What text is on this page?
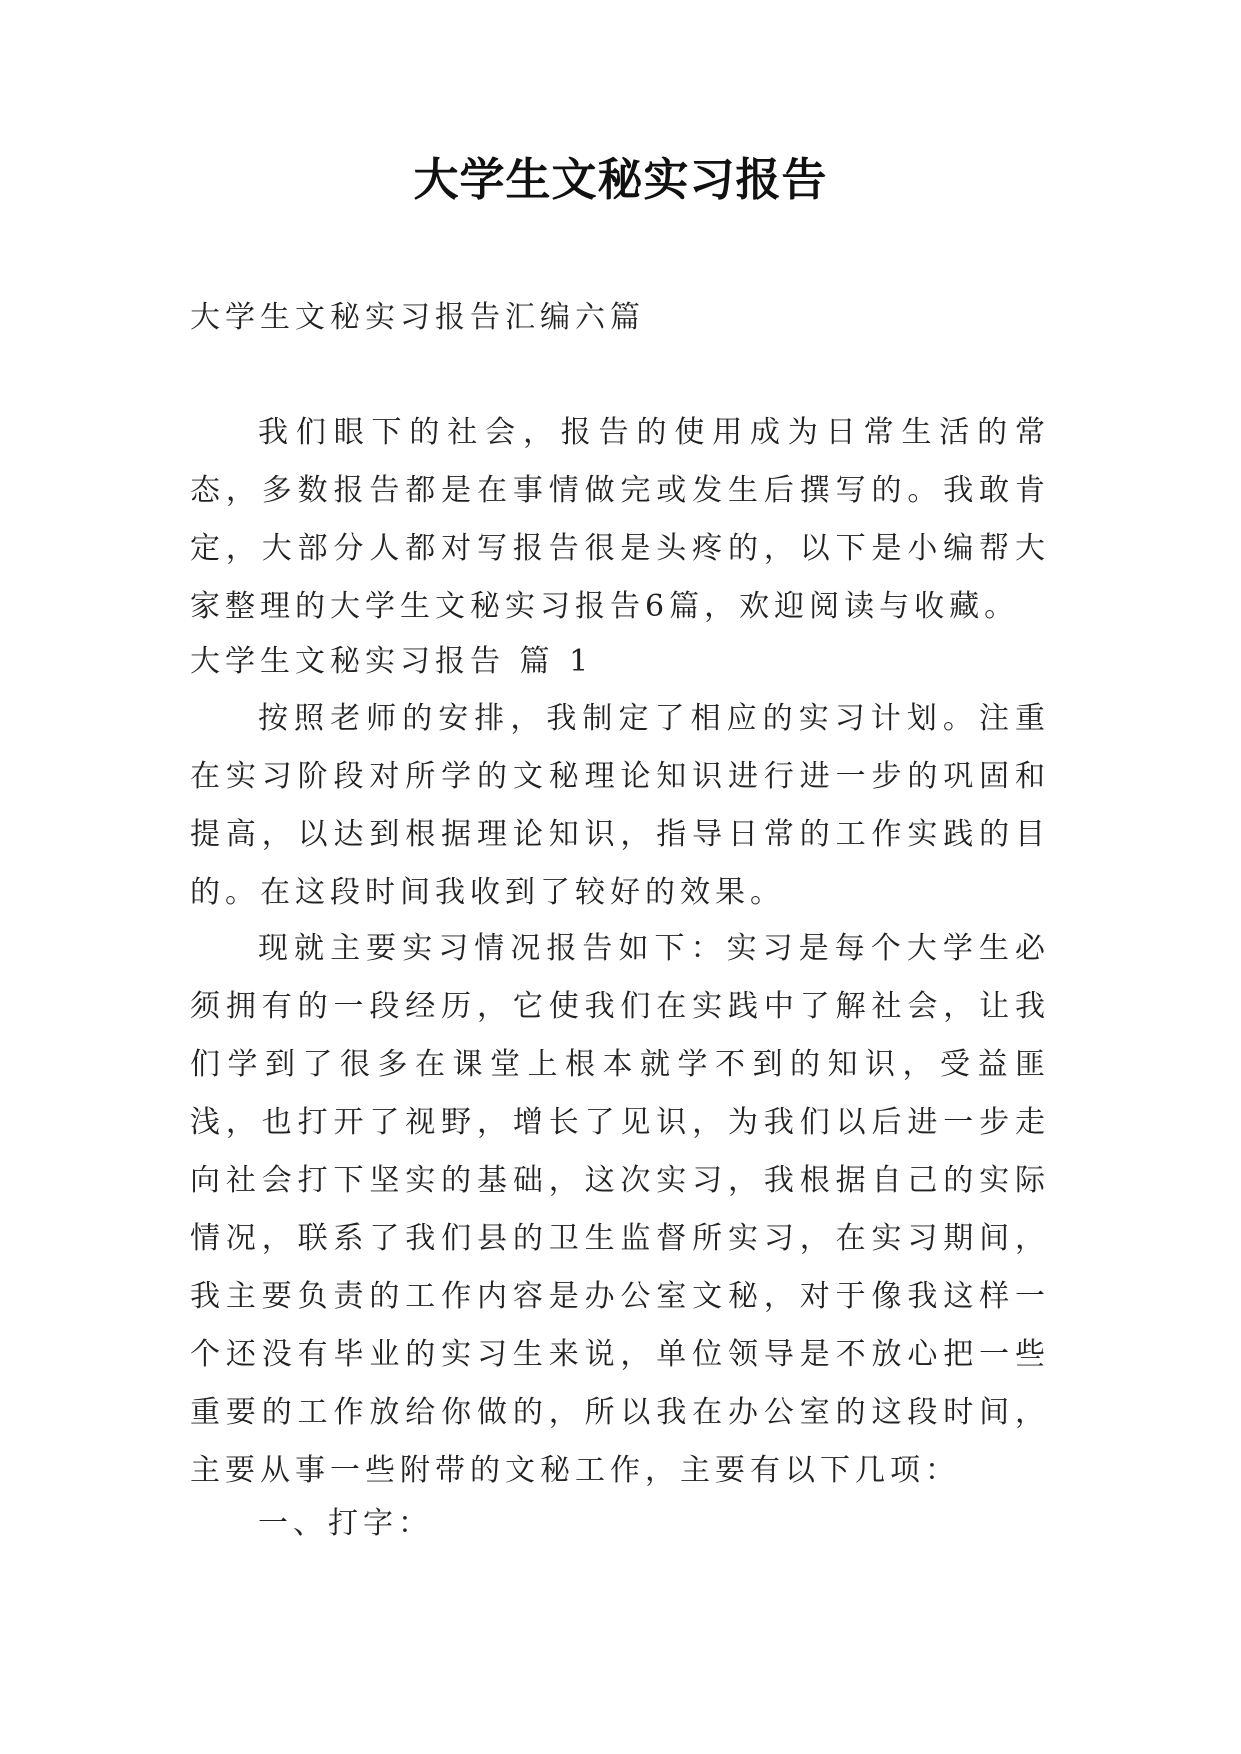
大学生文秘实习报告
大学生文秘实习报告汇编六篇
我们眼下的社会，报告的使用成为日常生活的常态，多数报告都是在事情做完或发生后撰写的。我敢肯定，大部分人都对写报告很是头疼的，以下是小编帮大家整理的大学生文秘实习报告6篇，欢迎阅读与收藏。
大学生文秘实习报告 篇 1
按照老师的安排，我制定了相应的实习计划。注重在实习阶段对所学的文秘理论知识进行进一步的巩固和提高，以达到根据理论知识，指导日常的工作实践的目的。在这段时间我收到了较好的效果。
现就主要实习情况报告如下：实习是每个大学生必须拥有的一段经历，它使我们在实践中了解社会，让我们学到了很多在课堂上根本就学不到的知识，受益匪浅，也打开了视野，增长了见识，为我们以后进一步走向社会打下坚实的基础，这次实习，我根据自己的实际情况，联系了我们县的卫生监督所实习，在实习期间，我主要负责的工作内容是办公室文秘，对于像我这样一个还没有毕业的实习生来说，单位领导是不放心把一些重要的工作放给你做的，所以我在办公室的这段时间，主要从事一些附带的文秘工作，主要有以下几项：
一、打字：
